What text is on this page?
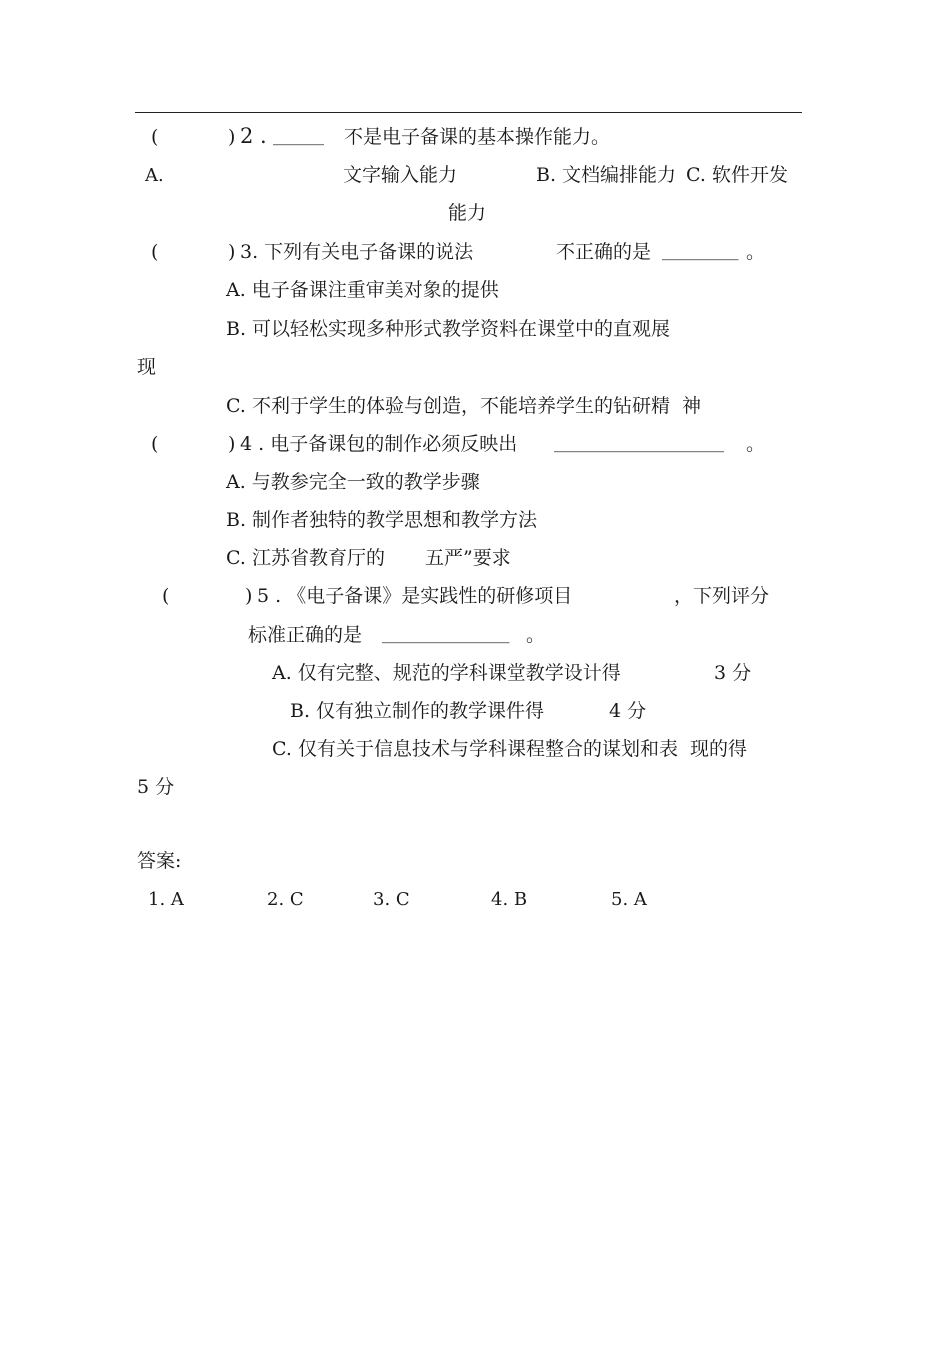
(	) 2 . ______ 不是电子备课的基本操作能力。
A.	文字输入能力	B. 文档编排能力 C. 软件开发
能力
(	) 3. 下列有关电子备课的说法	不正确的是 _________ 。
A. 电子备课注重审美对象的提供
B. 可以轻松实现多种形式教学资料在课堂中的直观展
现
C. 不利于学生的体验与创造，不能培养学生的钻研精  神
(	) 4 . 电子备课包的制作必须反映出 ____________________ 。
A. 与教参完全一致的教学步骤
B. 制作者独特的教学思想和教学方法
C. 江苏省教育厅的 五严”要求
(	) 5 . 《电子备课》是实践性的研修项目	，下列评分
标准正确的是 _______________ 。
A. 仅有完整、规范的学科课堂教学设计得	3 分
B. 仅有独立制作的教学课件得	4 分
C. 仅有关于信息技术与学科课程整合的谋划和表  现的得
5 分
答案:
1. A	2. C	3. C	4. B	5. A
